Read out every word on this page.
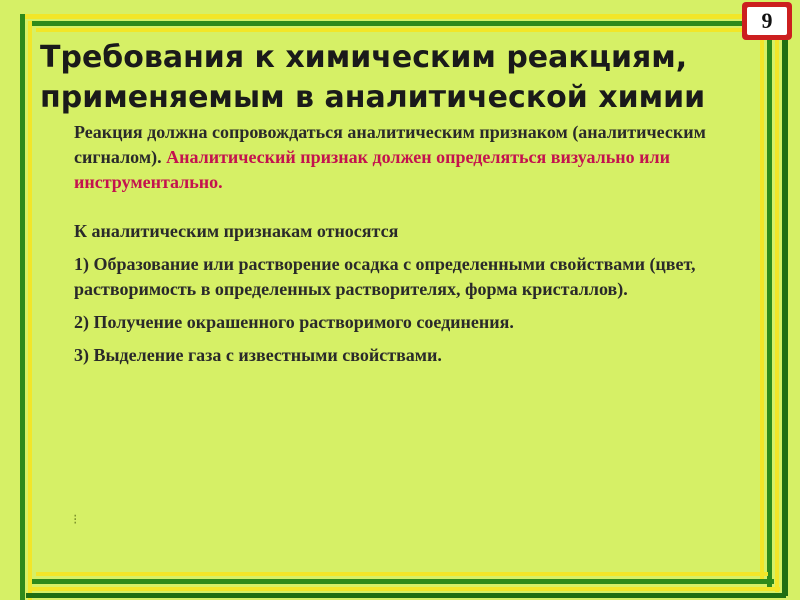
9
Требования к химическим реакциям, применяемым в аналитической химии

Реакция должна сопровождаться аналитическим признаком (аналитическим сигналом). Аналитический признак должен определяться визуально или инструментально.

К аналитическим признакам относятся

1) Образование или растворение осадка с определенными свойствами (цвет, растворимость в определенных растворителях, форма кристаллов).

2) Получение окрашенного растворимого соединения.

3) Выделение газа с известными свойствами.

⁝
